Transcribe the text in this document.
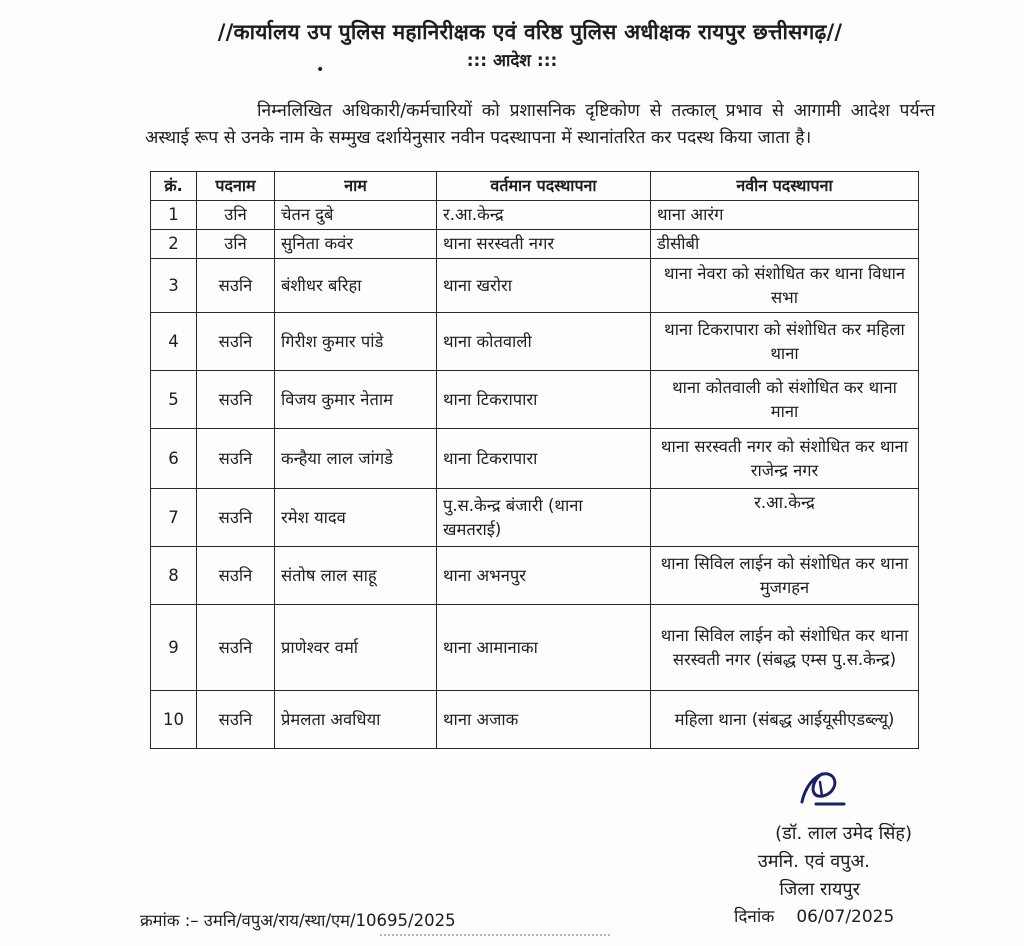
//कार्यालय उप पुलिस महानिरीक्षक एवं वरिष्ठ पुलिस अधीक्षक रायपुर छत्तीसगढ़//
::: आदेश :::
•
निम्नलिखित अधिकारी/कर्मचारियों को प्रशासनिक दृष्टिकोण से तत्काल् प्रभाव से आगामी आदेश पर्यन्त अस्थाई रूप से उनके नाम के सम्मुख दर्शायेनुसार नवीन पदस्थापना में स्थानांतरित कर पदस्थ किया जाता है।
क्रं.	पदनाम	नाम	वर्तमान पदस्थापना	नवीन पदस्थापना
1	उनि	चेतन दुबे	र.आ.केन्द्र	थाना आरंग
2	उनि	सुनिता कवंर	थाना सरस्वती नगर	डीसीबी
3	सउनि	बंशीधर बरिहा	थाना खरोरा	थाना नेवरा को संशोधित कर थाना विधान सभा
4	सउनि	गिरीश कुमार पांडे	थाना कोतवाली	थाना टिकरापारा को संशोधित कर महिला थाना
5	सउनि	विजय कुमार नेताम	थाना टिकरापारा	थाना कोतवाली को संशोधित कर थाना माना
6	सउनि	कन्हैया लाल जांगडे	थाना टिकरापारा	थाना सरस्वती नगर को संशोधित कर थाना राजेन्द्र नगर
7	सउनि	रमेश यादव	पु.स.केन्द्र बंजारी (थाना खमतराई)	र.आ.केन्द्र
8	सउनि	संतोष लाल साहू	थाना अभनपुर	थाना सिविल लाईन को संशोधित कर थाना मुजगहन
9	सउनि	प्राणेश्वर वर्मा	थाना आमानाका	थाना सिविल लाईन को संशोधित कर थाना सरस्वती नगर (संबद्ध एम्स पु.स.केन्द्र)
10	सउनि	प्रेमलता अवधिया	थाना अजाक	महिला थाना (संबद्ध आईयूसीएडब्ल्यू)
(डॉ. लाल उमेद सिंह)
उमनि. एवं वपुअ.
जिला रायपुर
क्रमांक :– उमनि/वपुअ/राय/स्था/एम/10695/2025	दिनांक 06/07/2025
